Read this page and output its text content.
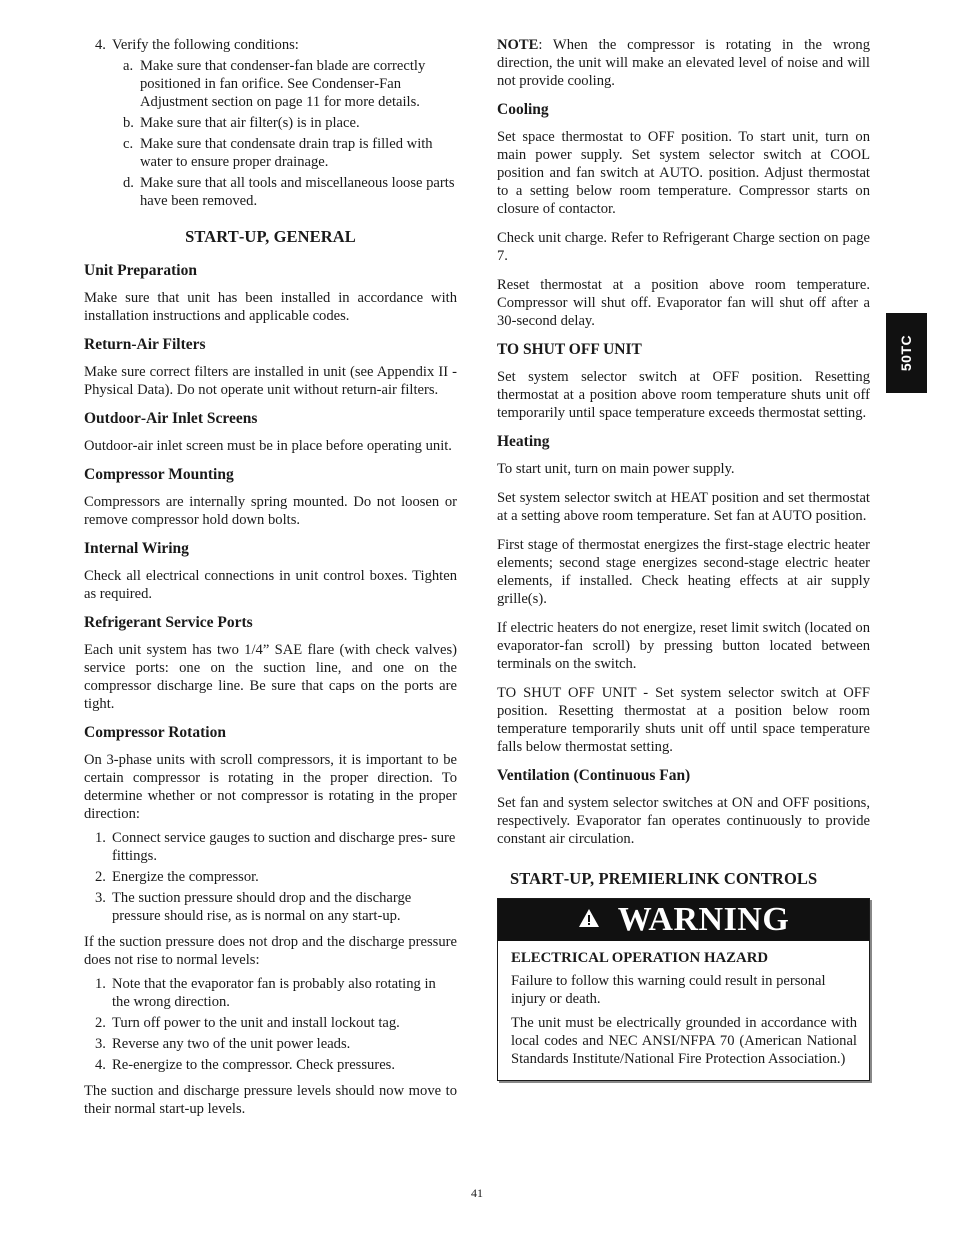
4. Verify the following conditions:
a. Make sure that condenser‑fan blade are correctly positioned in fan orifice. See Condenser‑Fan Adjustment section on page 11 for more details.
b. Make sure that air filter(s) is in place.
c. Make sure that condensate drain trap is filled with water to ensure proper drainage.
d. Make sure that all tools and miscellaneous loose parts have been removed.
START‑UP, GENERAL
Unit Preparation

Make sure that unit has been installed in accordance with installation instructions and applicable codes.

Return‑Air Filters

Make sure correct filters are installed in unit (see Appendix II ‑ Physical Data). Do not operate unit without return‑air filters.

Outdoor‑Air Inlet Screens

Outdoor‑air inlet screen must be in place before operating unit.

Compressor Mounting

Compressors are internally spring mounted. Do not loosen or remove compressor hold down bolts.

Internal Wiring

Check all electrical connections in unit control boxes. Tighten as required.

Refrigerant Service Ports

Each unit system has two 1/4” SAE flare (with check valves) service ports: one on the suction line, and one on the compressor discharge line. Be sure that caps on the ports are tight.

Compressor Rotation

On 3‑phase units with scroll compressors, it is important to be certain compressor is rotating in the proper direction. To determine whether or not compressor is rotating in the proper direction:

1. Connect service gauges to suction and discharge pres‑ sure fittings.
2. Energize the compressor.
3. The suction pressure should drop and the discharge pressure should rise, as is normal on any start‑up.

If the suction pressure does not drop and the discharge pressure does not rise to normal levels:

1. Note that the evaporator fan is probably also rotating in the wrong direction.
2. Turn off power to the unit and install lockout tag.
3. Reverse any two of the unit power leads.
4. Re‑energize to the compressor. Check pressures.

The suction and discharge pressure levels should now move to their normal start‑up levels.

NOTE: When the compressor is rotating in the wrong direction, the unit will make an elevated level of noise and will not provide cooling.

Cooling

Set space thermostat to OFF position. To start unit, turn on main power supply. Set system selector switch at COOL position and fan switch at AUTO. position. Adjust thermostat to a setting below room temperature. Compressor starts on closure of contactor.

Check unit charge. Refer to Refrigerant Charge section on page 7.

Reset thermostat at a position above room temperature. Compressor will shut off. Evaporator fan will shut off after a 30‑second delay.

TO SHUT OFF UNIT

Set system selector switch at OFF position. Resetting thermostat at a position above room temperature shuts unit off temporarily until space temperature exceeds thermostat setting.

Heating

To start unit, turn on main power supply.

Set system selector switch at HEAT position and set thermostat at a setting above room temperature. Set fan at AUTO position.

First stage of thermostat energizes the first‑stage electric heater elements; second stage energizes second‑stage electric heater elements, if installed. Check heating effects at air supply grille(s).

If electric heaters do not energize, reset limit switch (located on evaporator‑fan scroll) by pressing button located between terminals on the switch.

TO SHUT OFF UNIT ‑ Set system selector switch at OFF position. Resetting thermostat at a position below room temperature temporarily shuts unit off until space temperature falls below thermostat setting.

Ventilation (Continuous Fan)

Set fan and system selector switches at ON and OFF positions, respectively. Evaporator fan operates continuously to provide constant air circulation.

START‑UP, PREMIERLINK CONTROLS
WARNING
ELECTRICAL OPERATION HAZARD

Failure to follow this warning could result in personal injury or death.

The unit must be electrically grounded in accordance with local codes and NEC ANSI/NFPA 70 (American National Standards Institute/National Fire Protection Association.)

50TC
41
